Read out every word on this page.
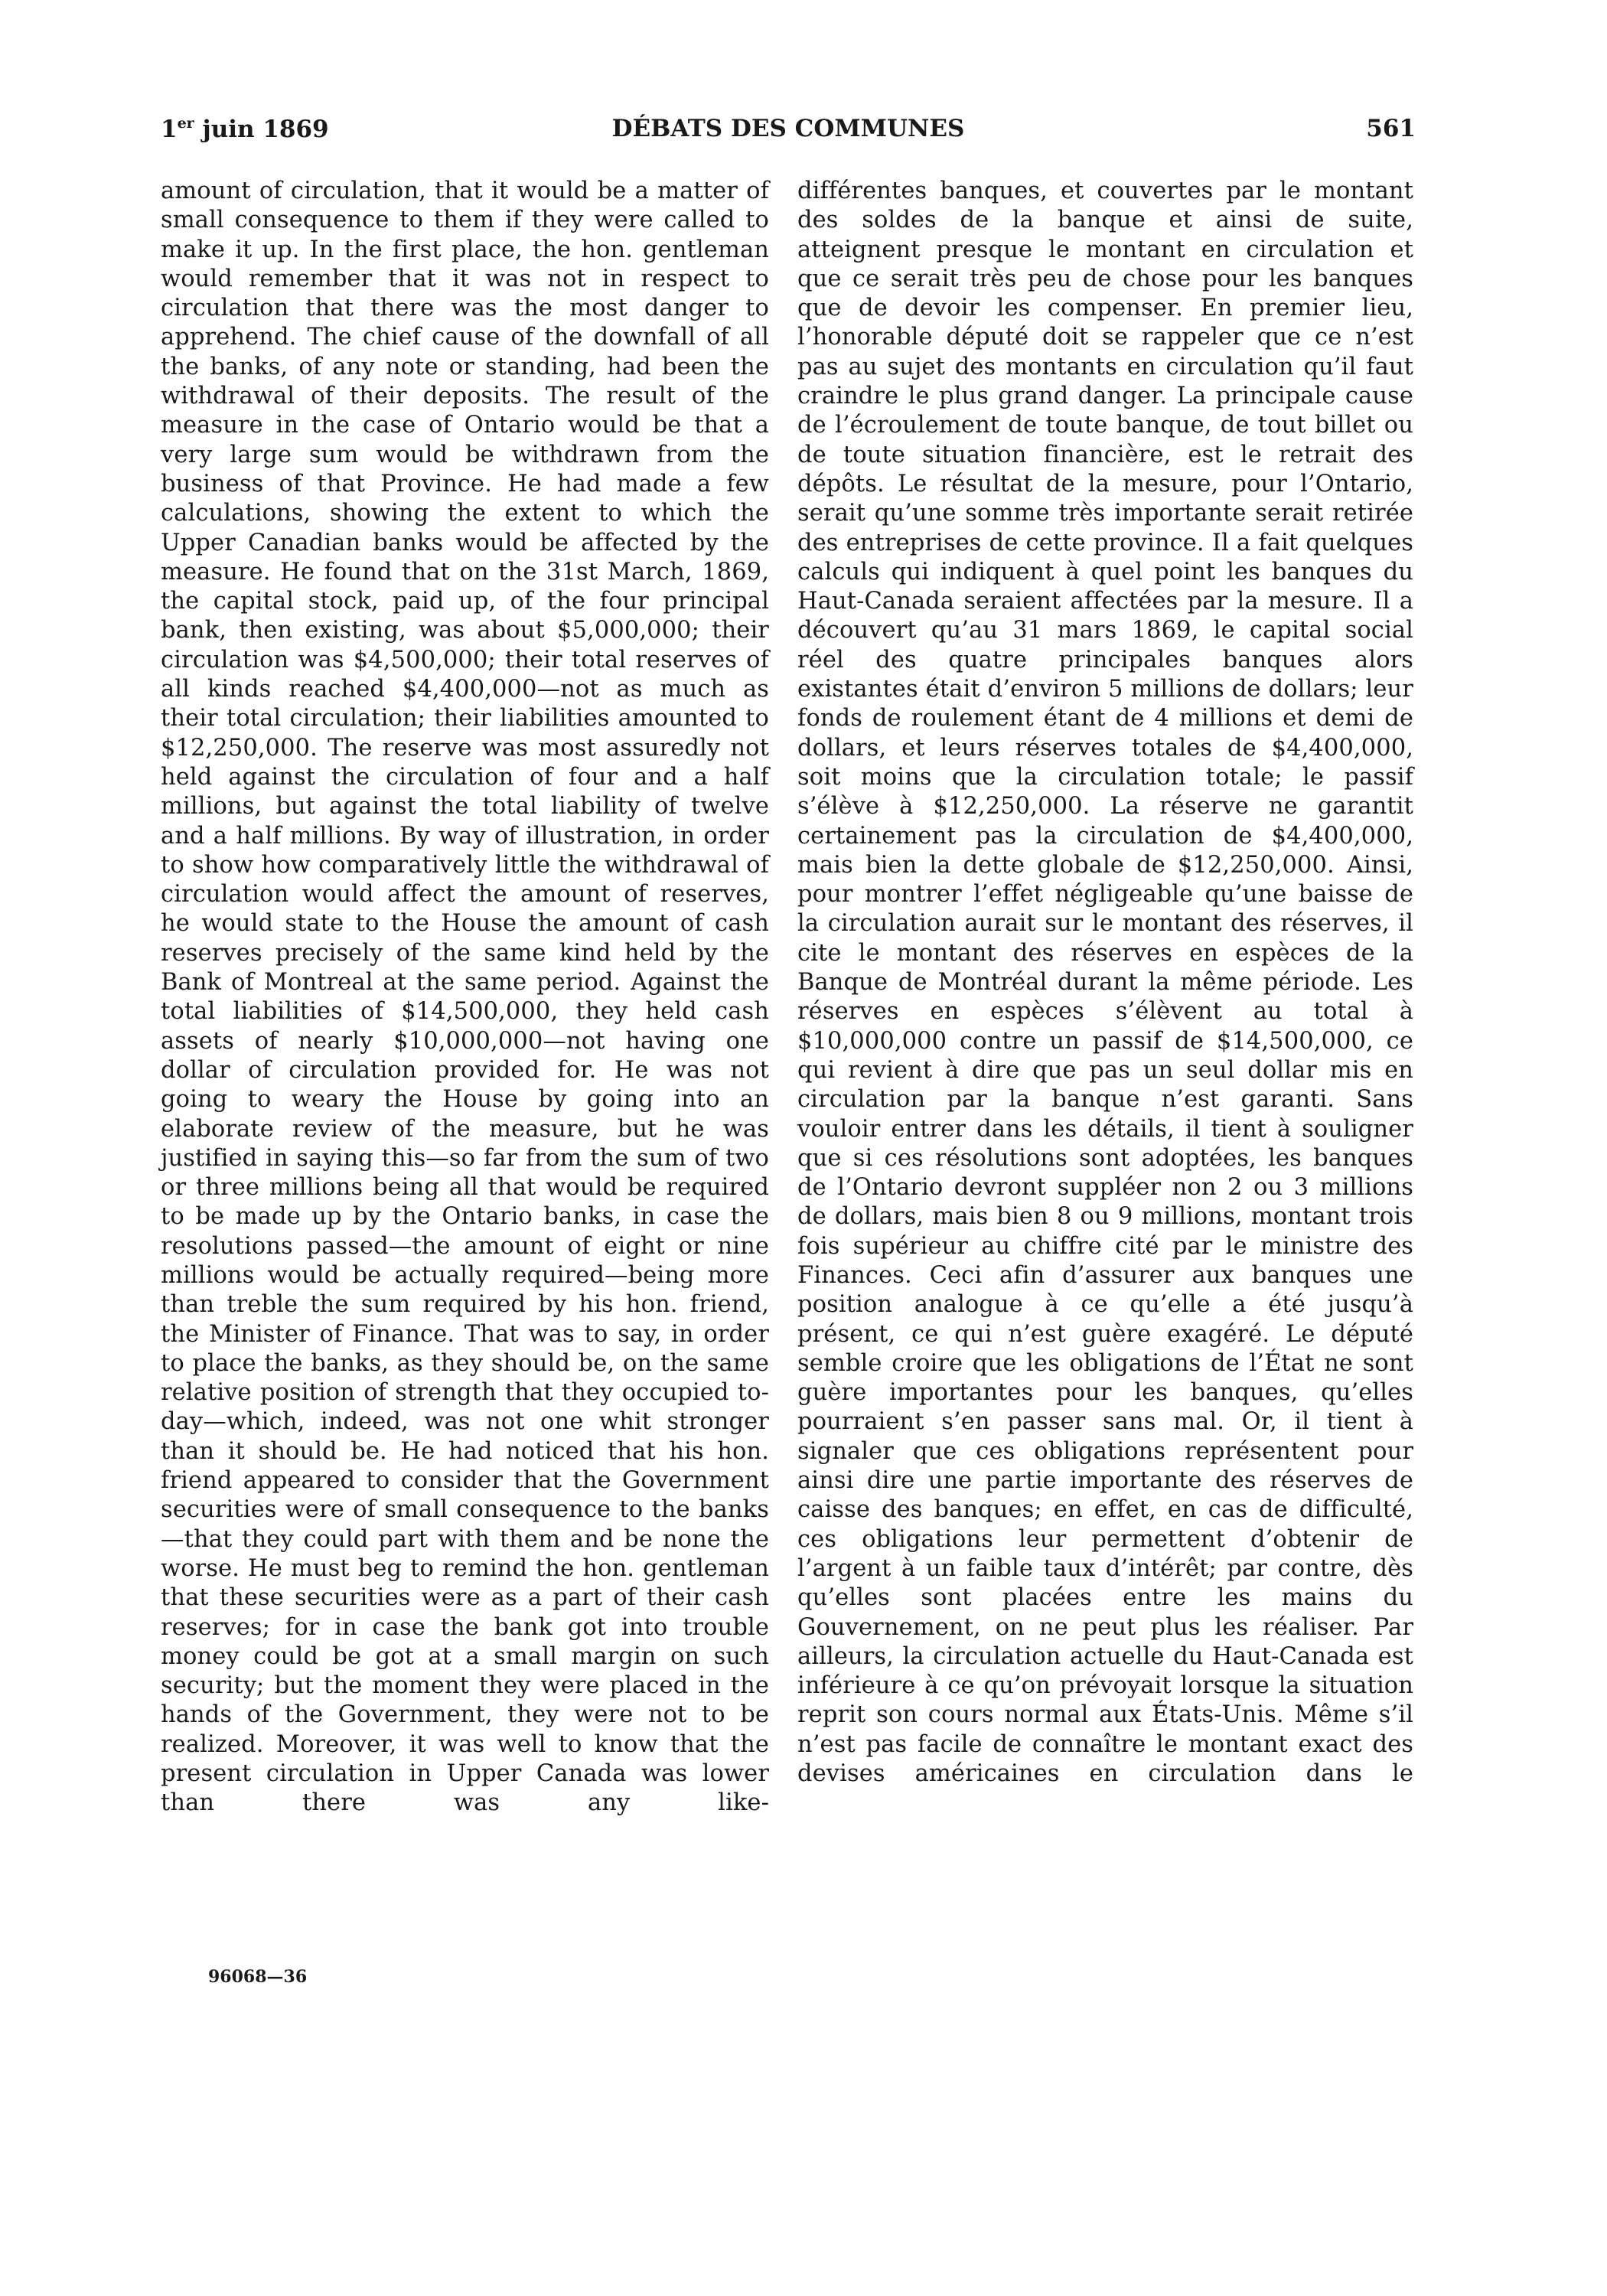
1er juin 1869	DÉBATS DES COMMUNES	561

amount of circulation, that it would be a matter of small consequence to them if they were called to make it up. In the first place, the hon. gentleman would remember that it was not in respect to circulation that there was the most danger to apprehend. The chief cause of the downfall of all the banks, of any note or standing, had been the withdrawal of their deposits. The result of the measure in the case of Ontario would be that a very large sum would be withdrawn from the business of that Province. He had made a few calculations, showing the extent to which the Upper Canadian banks would be affected by the measure. He found that on the 31st March, 1869, the capital stock, paid up, of the four principal bank, then existing, was about $5,000,000; their circulation was $4,500,000; their total reserves of all kinds reached $4,400,000—not as much as their total circulation; their liabilities amounted to $12,250,000. The reserve was most assuredly not held against the circulation of four and a half millions, but against the total liability of twelve and a half millions. By way of illustration, in order to show how comparatively little the withdrawal of circulation would affect the amount of reserves, he would state to the House the amount of cash reserves precisely of the same kind held by the Bank of Montreal at the same period. Against the total liabilities of $14,500,000, they held cash assets of nearly $10,000,000—not having one dollar of circulation provided for. He was not going to weary the House by going into an elaborate review of the measure, but he was justified in saying this—so far from the sum of two or three millions being all that would be required to be made up by the Ontario banks, in case the resolutions passed—the amount of eight or nine millions would be actually required—being more than treble the sum required by his hon. friend, the Minister of Finance. That was to say, in order to place the banks, as they should be, on the same relative position of strength that they occupied to-day—which, indeed, was not one whit stronger than it should be. He had noticed that his hon. friend appeared to consider that the Government securities were of small consequence to the banks—that they could part with them and be none the worse. He must beg to remind the hon. gentleman that these securities were as a part of their cash reserves; for in case the bank got into trouble money could be got at a small margin on such security; but the moment they were placed in the hands of the Government, they were not to be realized. Moreover, it was well to know that the present circulation in Upper Canada was lower than there was any like-

différentes banques, et couvertes par le montant des soldes de la banque et ainsi de suite, atteignent presque le montant en circulation et que ce serait très peu de chose pour les banques que de devoir les compenser. En premier lieu, l’honorable député doit se rappeler que ce n’est pas au sujet des montants en circulation qu’il faut craindre le plus grand danger. La principale cause de l’écroulement de toute banque, de tout billet ou de toute situation financière, est le retrait des dépôts. Le résultat de la mesure, pour l’Ontario, serait qu’une somme très importante serait retirée des entreprises de cette province. Il a fait quelques calculs qui indiquent à quel point les banques du Haut-Canada seraient affectées par la mesure. Il a découvert qu’au 31 mars 1869, le capital social réel des quatre principales banques alors existantes était d’environ 5 millions de dollars; leur fonds de roulement étant de 4 millions et demi de dollars, et leurs réserves totales de $4,400,000, soit moins que la circulation totale; le passif s’élève à $12,250,000. La réserve ne garantit certainement pas la circulation de $4,400,000, mais bien la dette globale de $12,250,000. Ainsi, pour montrer l’effet négligeable qu’une baisse de la circulation aurait sur le montant des réserves, il cite le montant des réserves en espèces de la Banque de Montréal durant la même période. Les réserves en espèces s’élèvent au total à $10,000,000 contre un passif de $14,500,000, ce qui revient à dire que pas un seul dollar mis en circulation par la banque n’est garanti. Sans vouloir entrer dans les détails, il tient à souligner que si ces résolutions sont adoptées, les banques de l’Ontario devront suppléer non 2 ou 3 millions de dollars, mais bien 8 ou 9 millions, montant trois fois supérieur au chiffre cité par le ministre des Finances. Ceci afin d’assurer aux banques une position analogue à ce qu’elle a été jusqu’à présent, ce qui n’est guère exagéré. Le député semble croire que les obligations de l’État ne sont guère importantes pour les banques, qu’elles pourraient s’en passer sans mal. Or, il tient à signaler que ces obligations représentent pour ainsi dire une partie importante des réserves de caisse des banques; en effet, en cas de difficulté, ces obligations leur permettent d’obtenir de l’argent à un faible taux d’intérêt; par contre, dès qu’elles sont placées entre les mains du Gouvernement, on ne peut plus les réaliser. Par ailleurs, la circulation actuelle du Haut-Canada est inférieure à ce qu’on prévoyait lorsque la situation reprit son cours normal aux États-Unis. Même s’il n’est pas facile de connaître le montant exact des devises américaines en circulation dans le

96068—36
